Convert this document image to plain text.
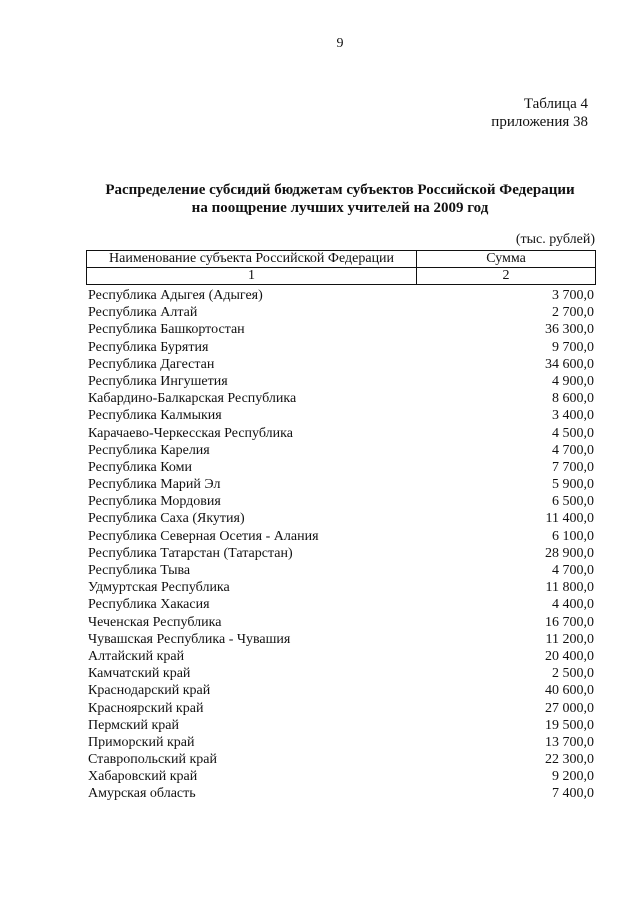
9
Таблица 4
приложения 38
Распределение субсидий бюджетам субъектов Российской Федерации
на поощрение лучших учителей на 2009 год
(тыс. рублей)
Наименование субъекта Российской Федерации	Сумма
1	2
Республика Адыгея (Адыгея)	3 700,0
Республика Алтай	2 700,0
Республика Башкортостан	36 300,0
Республика Бурятия	9 700,0
Республика Дагестан	34 600,0
Республика Ингушетия	4 900,0
Кабардино-Балкарская Республика	8 600,0
Республика Калмыкия	3 400,0
Карачаево-Черкесская Республика	4 500,0
Республика Карелия	4 700,0
Республика Коми	7 700,0
Республика Марий Эл	5 900,0
Республика Мордовия	6 500,0
Республика Саха (Якутия)	11 400,0
Республика Северная Осетия - Алания	6 100,0
Республика Татарстан (Татарстан)	28 900,0
Республика Тыва	4 700,0
Удмуртская Республика	11 800,0
Республика Хакасия	4 400,0
Чеченская Республика	16 700,0
Чувашская Республика - Чувашия	11 200,0
Алтайский край	20 400,0
Камчатский край	2 500,0
Краснодарский край	40 600,0
Красноярский край	27 000,0
Пермский край	19 500,0
Приморский край	13 700,0
Ставропольский край	22 300,0
Хабаровский край	9 200,0
Амурская область	7 400,0
